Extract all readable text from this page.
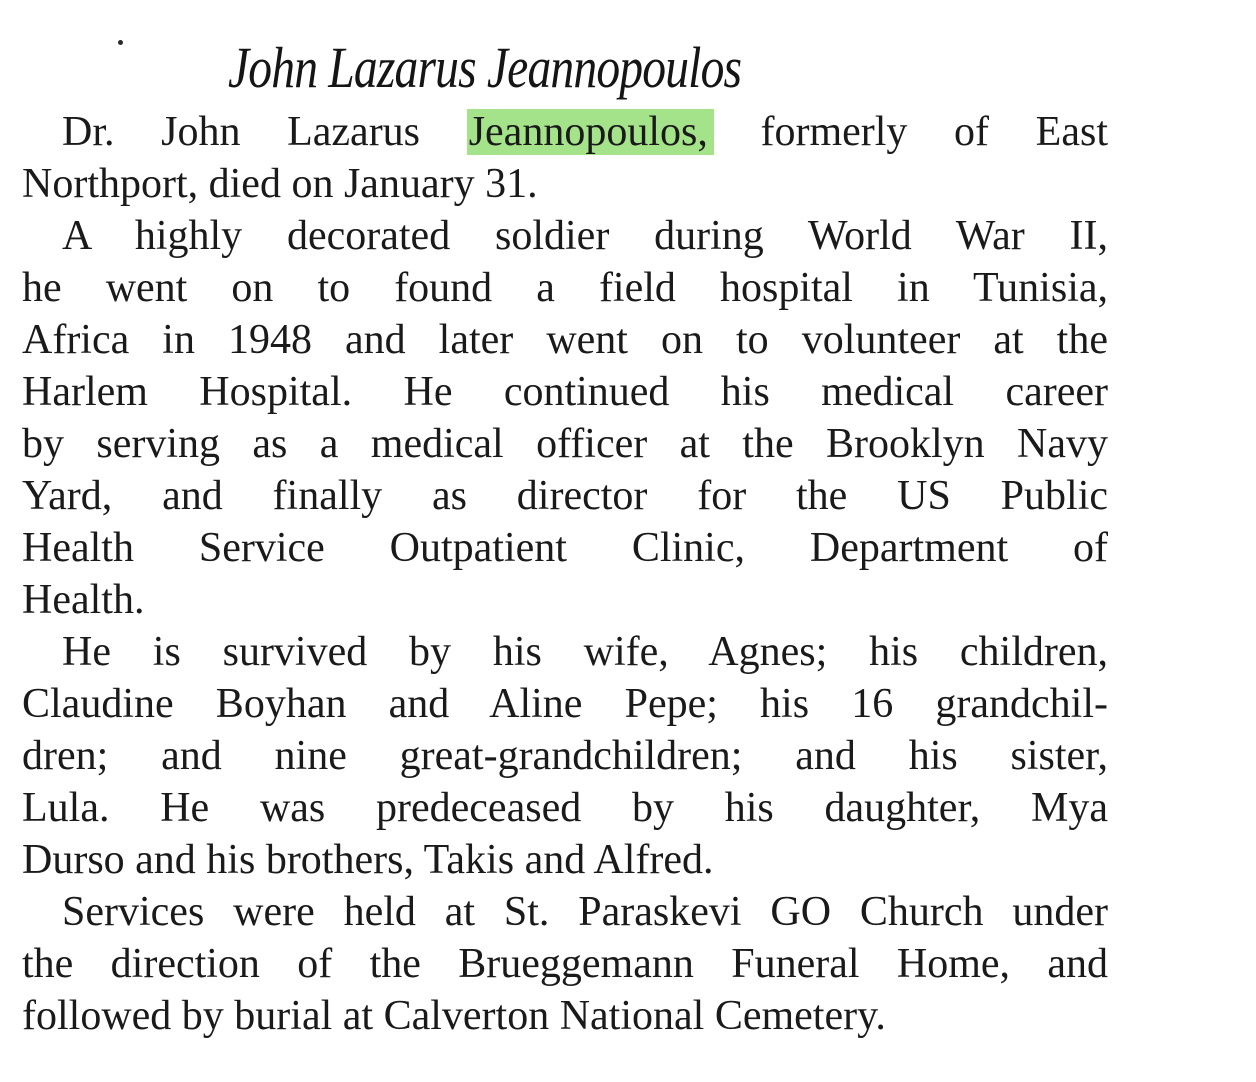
John Lazarus Jeannopoulos
Dr. John Lazarus Jeannopoulos, formerly of East
Northport, died on January 31.
A highly decorated soldier during World War II,
he went on to found a field hospital in Tunisia,
Africa in 1948 and later went on to volunteer at the
Harlem Hospital. He continued his medical career
by serving as a medical officer at the Brooklyn Navy
Yard, and finally as director for the US Public
Health Service Outpatient Clinic, Department of
Health.
He is survived by his wife, Agnes; his children,
Claudine Boyhan and Aline Pepe; his 16 grandchil-
dren; and nine great-grandchildren; and his sister,
Lula. He was predeceased by his daughter, Mya
Durso and his brothers, Takis and Alfred.
Services were held at St. Paraskevi GO Church under
the direction of the Brueggemann Funeral Home, and
followed by burial at Calverton National Cemetery.
